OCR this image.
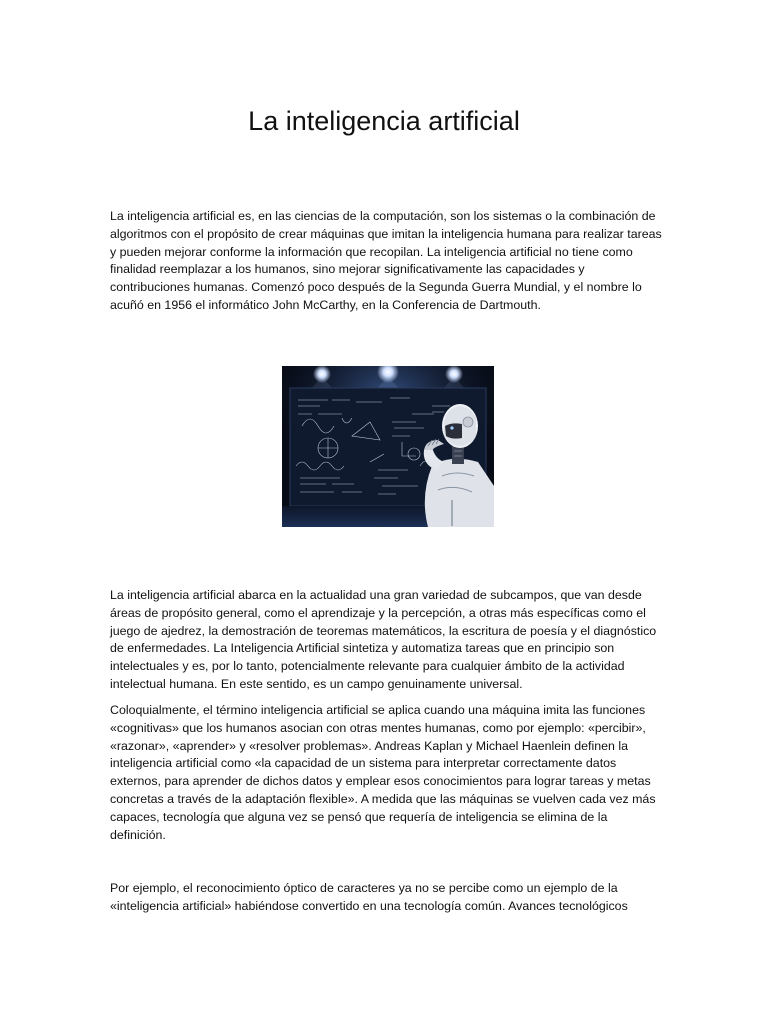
La inteligencia artificial

La inteligencia artificial es, en las ciencias de la computación, son los sistemas o la combinación de algoritmos con el propósito de crear máquinas que imitan la inteligencia humana para realizar tareas y pueden mejorar conforme la información que recopilan. La inteligencia artificial no tiene como finalidad reemplazar a los humanos, sino mejorar significativamente las capacidades y contribuciones humanas. Comenzó poco después de la Segunda Guerra Mundial, y el nombre lo acuñó en 1956 el informático John McCarthy, en la Conferencia de Dartmouth.

La inteligencia artificial abarca en la actualidad una gran variedad de subcampos, que van desde áreas de propósito general, como el aprendizaje y la percepción, a otras más específicas como el juego de ajedrez, la demostración de teoremas matemáticos, la escritura de poesía y el diagnóstico de enfermedades. La Inteligencia Artificial sintetiza y automatiza tareas que en principio son intelectuales y es, por lo tanto, potencialmente relevante para cualquier ámbito de la actividad intelectual humana. En este sentido, es un campo genuinamente universal.

Coloquialmente, el término inteligencia artificial se aplica cuando una máquina imita las funciones «cognitivas» que los humanos asocian con otras mentes humanas, como por ejemplo: «percibir», «razonar», «aprender» y «resolver problemas». Andreas Kaplan y Michael Haenlein definen la inteligencia artificial como «la capacidad de un sistema para interpretar correctamente datos externos, para aprender de dichos datos y emplear esos conocimientos para lograr tareas y metas concretas a través de la adaptación flexible». A medida que las máquinas se vuelven cada vez más capaces, tecnología que alguna vez se pensó que requería de inteligencia se elimina de la definición.

Por ejemplo, el reconocimiento óptico de caracteres ya no se percibe como un ejemplo de la «inteligencia artificial» habiéndose convertido en una tecnología común. Avances tecnológicos
